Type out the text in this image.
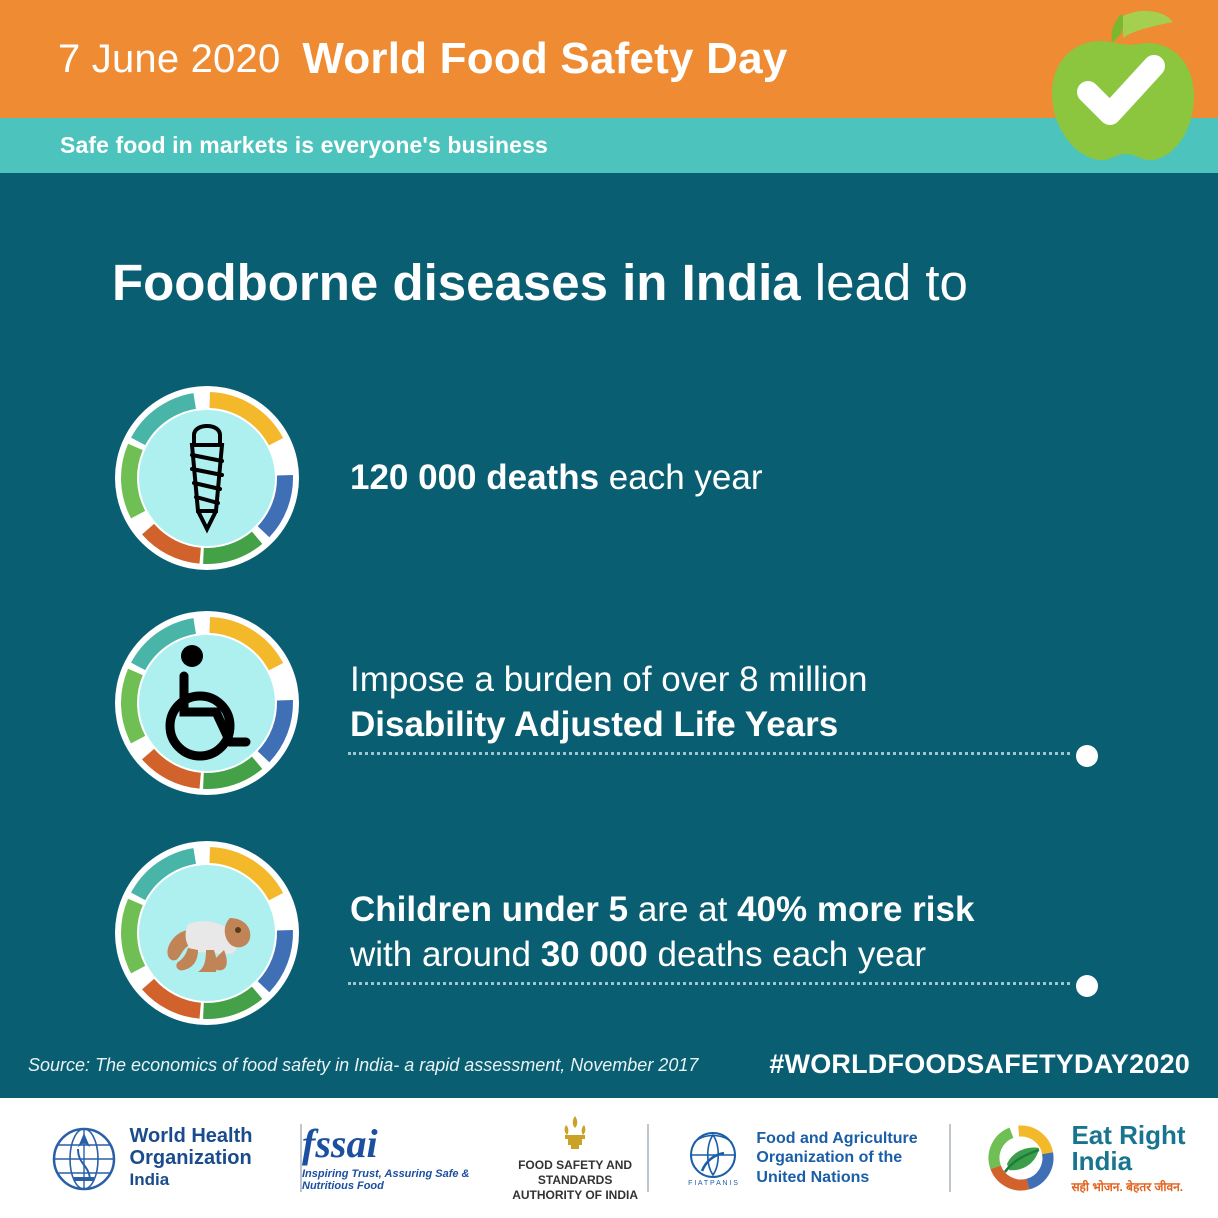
7 June 2020 World Food Safety Day
Safe food in markets is everyone's business
Foodborne diseases in India lead to
120 000 deaths each year
Impose a burden of over 8 million
Disability Adjusted Life Years
Children under 5 are at 40% more risk
with around 30 000 deaths each year
Source: The economics of food safety in India- a rapid assessment, November 2017	#WORLDFOODSAFETYDAY2020
World Health
Organization
India
fssai
Inspiring Trust, Assuring Safe & Nutritious Food
FOOD SAFETY AND STANDARDS
AUTHORITY OF INDIA
F I A T P A N I S
Food and Agriculture
Organization of the
United Nations
Eat Right
India
सही भोजन. बेहतर जीवन.
